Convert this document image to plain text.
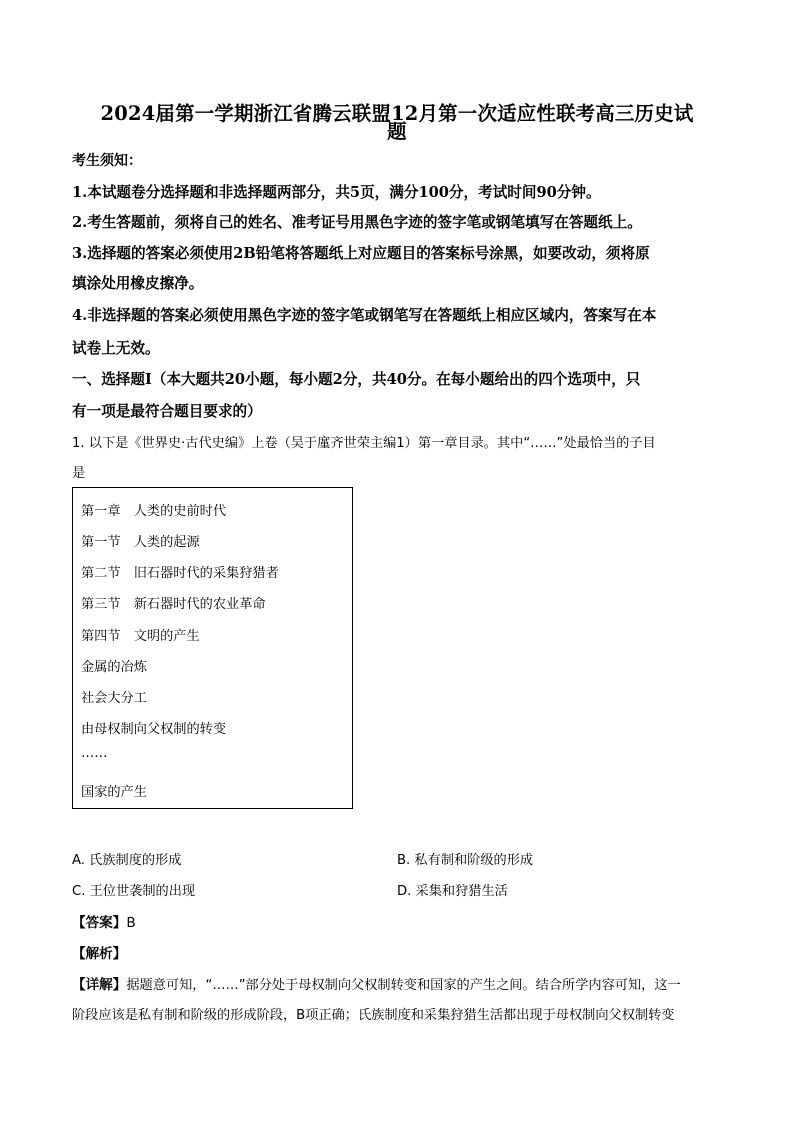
2024届第一学期浙江省腾云联盟12月第一次适应性联考高三历史试
题
考生须知：
1.本试题卷分选择题和非选择题两部分，共5页，满分100分，考试时间90分钟。
2.考生答题前，须将自己的姓名、准考证号用黑色字迹的签字笔或钢笔填写在答题纸上。
3.选择题的答案必须使用2B铅笔将答题纸上对应题目的答案标号涂黑，如要改动，须将原
填涂处用橡皮擦净。
4.非选择题的答案必须使用黑色字迹的签字笔或钢笔写在答题纸上相应区域内，答案写在本
试卷上无效。
一、选择题Ⅰ（本大题共20小题，每小题2分，共40分。在每小题给出的四个选项中，只
有一项是最符合题目要求的）
1. 以下是《世界史·古代史编》上卷（吴于廑齐世荣主编1）第一章目录。其中“……”处最恰当的子目
是
第一章　人类的史前时代
第一节　人类的起源
第二节　旧石器时代的采集狩猎者
第三节　新石器时代的农业革命
第四节　文明的产生
金属的冶炼
社会大分工
由母权制向父权制的转变
……
国家的产生
A. 氏族制度的形成	B. 私有制和阶级的形成
C. 王位世袭制的出现	D. 采集和狩猎生活
【答案】B
【解析】
【详解】据题意可知，“……”部分处于母权制向父权制转变和国家的产生之间。结合所学内容可知，这一
阶段应该是私有制和阶级的形成阶段，B项正确；氏族制度和采集狩猎生活都出现于母权制向父权制转变
